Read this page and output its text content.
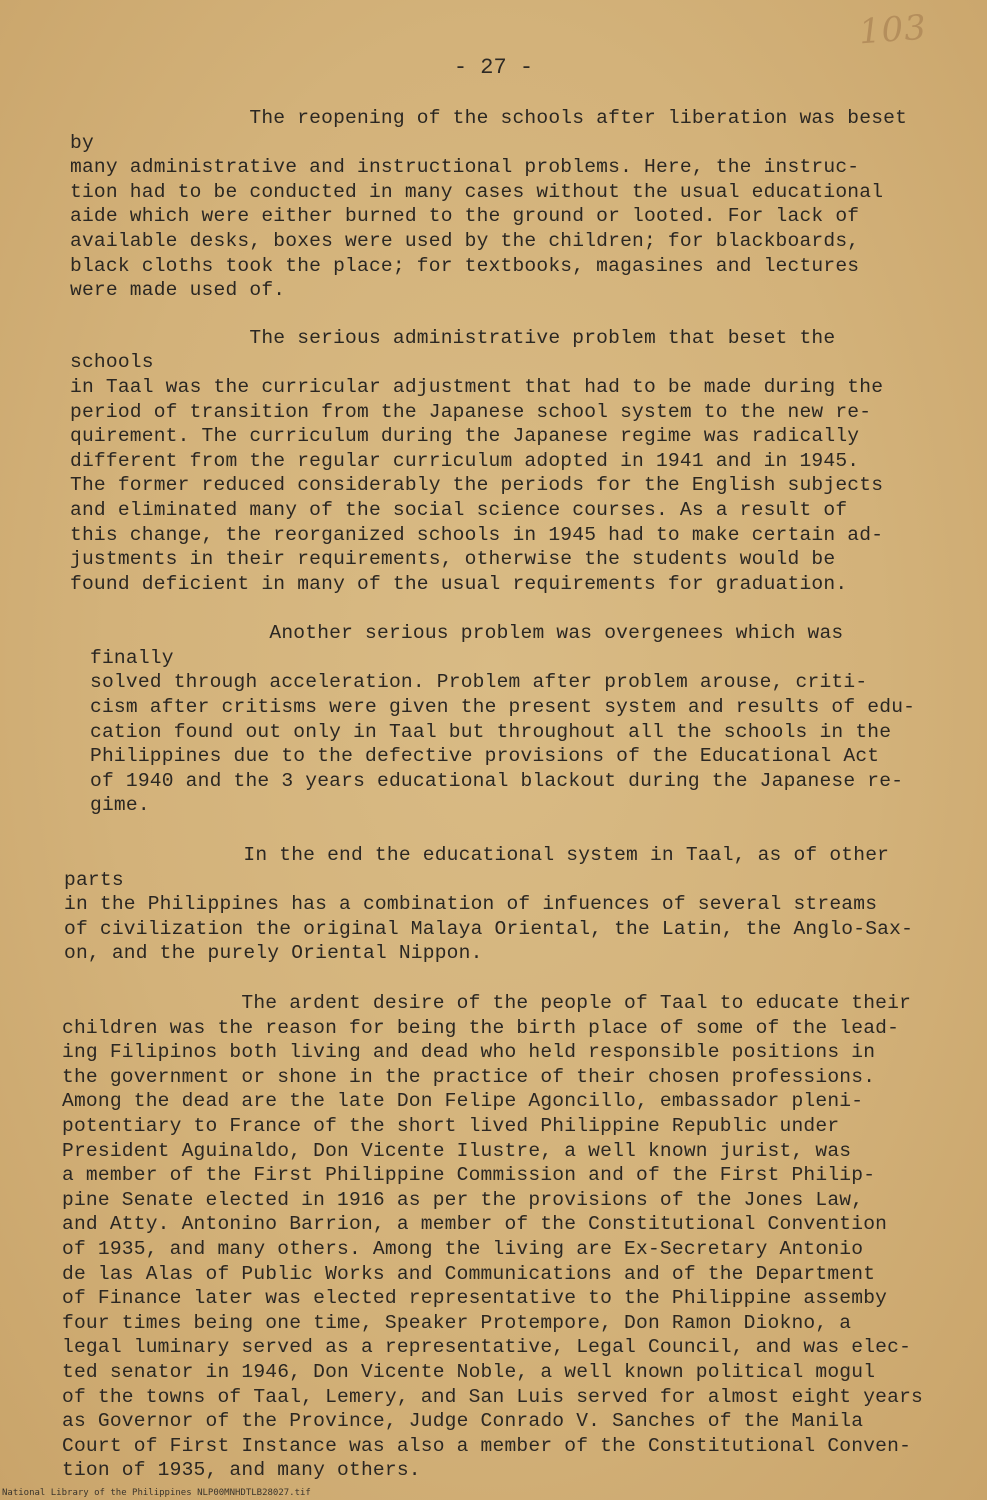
103
- 27 -

The reopening of the schools after liberation was beset by
many administrative and instructional problems. Here, the instruc-
tion had to be conducted in many cases without the usual educational
aide which were either burned to the ground or looted. For lack of
available desks, boxes were used by the children; for blackboards,
black cloths took the place; for textbooks, magasines and lectures
were made used of.

The serious administrative problem that beset the schools
in Taal was the curricular adjustment that had to be made during the
period of transition from the Japanese school system to the new re-
quirement. The curriculum during the Japanese regime was radically
different from the regular curriculum adopted in 1941 and in 1945.
The former reduced considerably the periods for the English subjects
and eliminated many of the social science courses. As a result of
this change, the reorganized schools in 1945 had to make certain ad-
justments in their requirements, otherwise the students would be
found deficient in many of the usual requirements for graduation.

Another serious problem was overgenees which was finally
solved through acceleration. Problem after problem arouse, criti-
cism after critisms were given the present system and results of edu-
cation found out only in Taal but throughout all the schools in the
Philippines due to the defective provisions of the Educational Act
of 1940 and the 3 years educational blackout during the Japanese re-
gime.

In the end the educational system in Taal, as of other parts
in the Philippines has a combination of infuences of several streams
of civilization the original Malaya Oriental, the Latin, the Anglo-Sax-
on, and the purely Oriental Nippon.

The ardent desire of the people of Taal to educate their
children was the reason for being the birth place of some of the lead-
ing Filipinos both living and dead who held responsible positions in
the government or shone in the practice of their chosen professions.
Among the dead are the late Don Felipe Agoncillo, embassador pleni-
potentiary to France of the short lived Philippine Republic under
President Aguinaldo, Don Vicente Ilustre, a well known jurist, was
a member of the First Philippine Commission and of the First Philip-
pine Senate elected in 1916 as per the provisions of the Jones Law,
and Atty. Antonino Barrion, a member of the Constitutional Convention
of 1935, and many others. Among the living are Ex-Secretary Antonio
de las Alas of Public Works and Communications and of the Department
of Finance later was elected representative to the Philippine assemby
four times being one time, Speaker Protempore, Don Ramon Diokno, a
legal luminary served as a representative, Legal Council, and was elec-
ted senator in 1946, Don Vicente Noble, a well known political mogul
of the towns of Taal, Lemery, and San Luis served for almost eight years
as Governor of the Province, Judge Conrado V. Sanches of the Manila
Court of First Instance was also a member of the Constitutional Conven-
tion of 1935, and many others.

National Library of the Philippines NLP00MNHDTLB28027.tif
